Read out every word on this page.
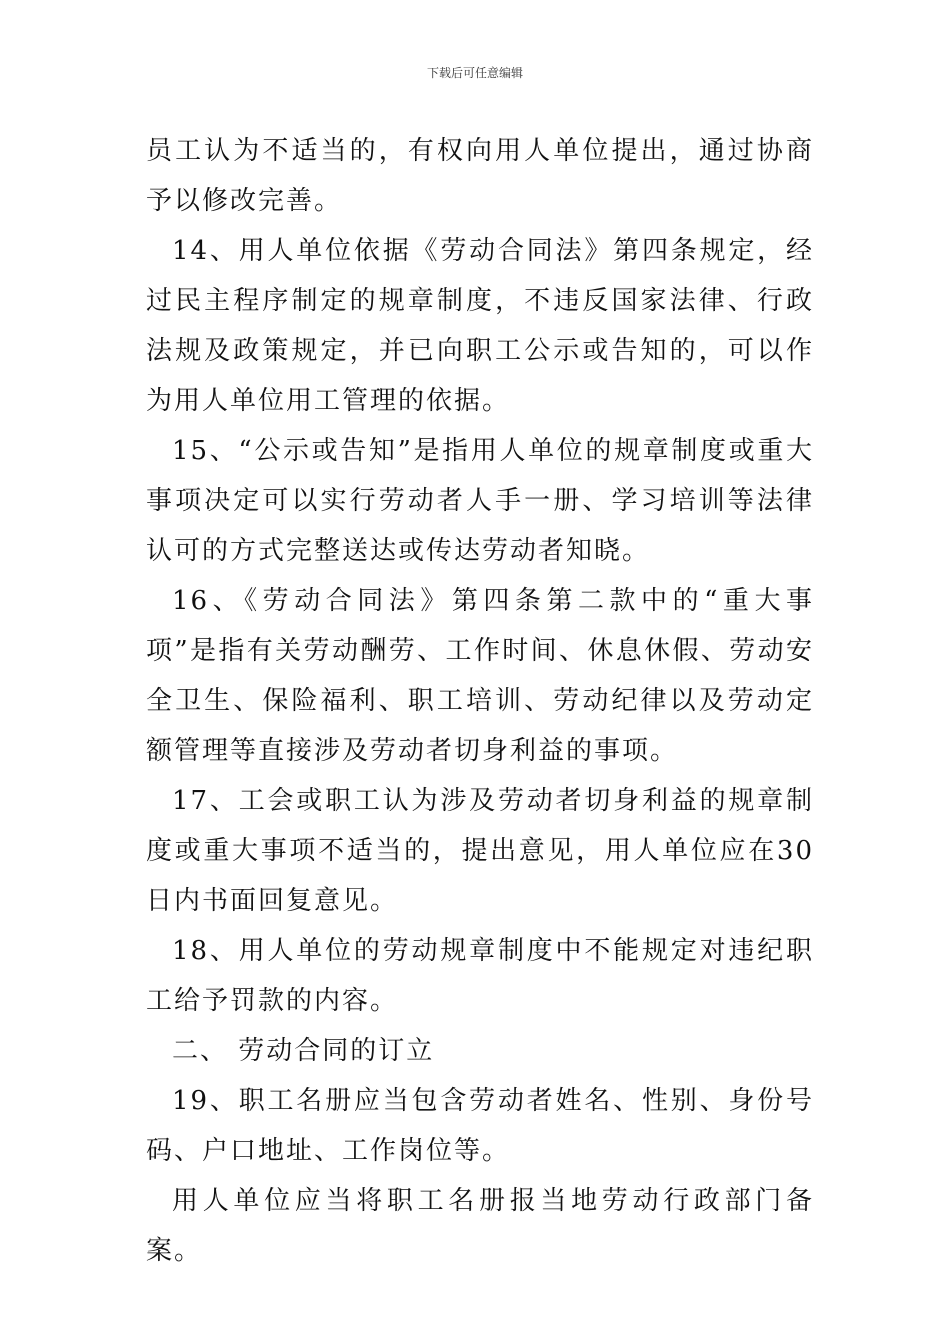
下载后可任意编辑

员工认为不适当的，有权向用人单位提出，通过协商予以修改完善。

14、用人单位依据《劳动合同法》第四条规定，经过民主程序制定的规章制度，不违反国家法律、行政法规及政策规定，并已向职工公示或告知的，可以作为用人单位用工管理的依据。

15、“公示或告知”是指用人单位的规章制度或重大事项决定可以实行劳动者人手一册、学习培训等法律认可的方式完整送达或传达劳动者知晓。

16、《劳动合同法》第四条第二款中的“重大事项”是指有关劳动酬劳、工作时间、休息休假、劳动安全卫生、保险福利、职工培训、劳动纪律以及劳动定额管理等直接涉及劳动者切身利益的事项。

17、工会或职工认为涉及劳动者切身利益的规章制度或重大事项不适当的，提出意见，用人单位应在30日内书面回复意见。

18、用人单位的劳动规章制度中不能规定对违纪职工给予罚款的内容。

二、 劳动合同的订立

19、职工名册应当包含劳动者姓名、性别、身份号码、户口地址、工作岗位等。

用人单位应当将职工名册报当地劳动行政部门备案。
